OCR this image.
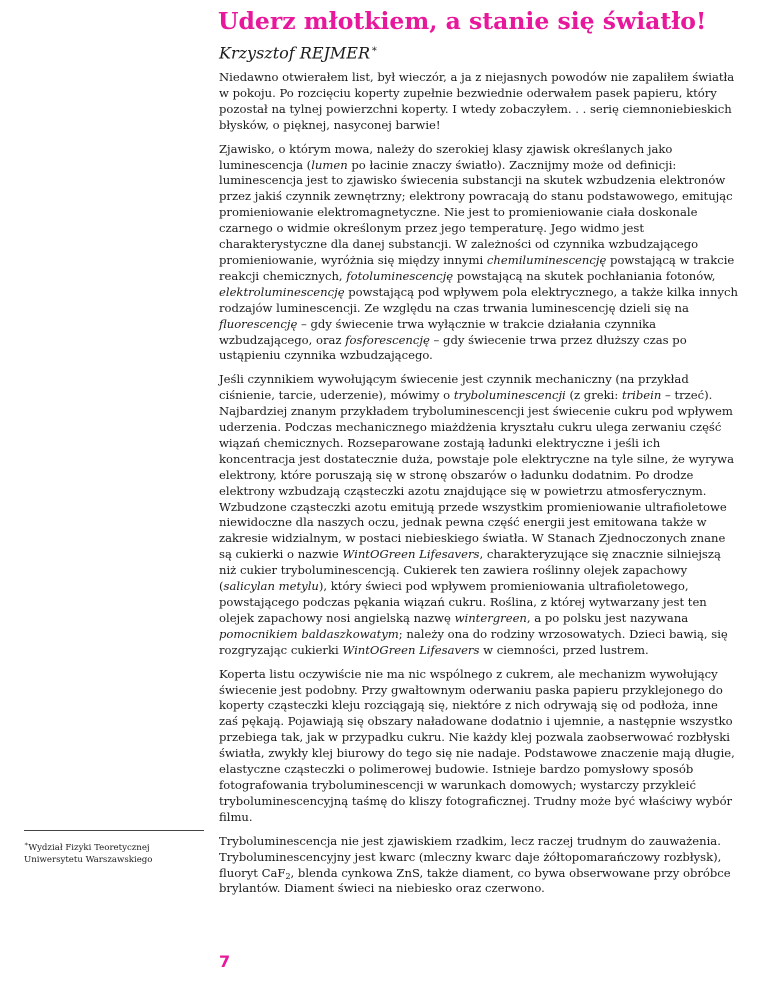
Uderz młotkiem, a stanie się światło!
Krzysztof REJMER∗

Niedawno otwierałem list, był wieczór, a ja z niejasnych powodów nie zapaliłem światła w pokoju. Po rozcięciu koperty zupełnie bezwiednie oderwałem pasek papieru, który pozostał na tylnej powierzchni koperty. I wtedy zobaczyłem. . . serię ciemnoniebieskich błysków, o pięknej, nasyconej barwie!

Zjawisko, o którym mowa, należy do szerokiej klasy zjawisk określanych jako luminescencja (lumen po łacinie znaczy światło). Zacznijmy może od definicji: luminescencja jest to zjawisko świecenia substancji na skutek wzbudzenia elektronów przez jakiś czynnik zewnętrzny; elektrony powracają do stanu podstawowego, emitując promieniowanie elektromagnetyczne. Nie jest to promieniowanie ciała doskonale czarnego o widmie określonym przez jego temperaturę. Jego widmo jest charakterystyczne dla danej substancji. W zależności od czynnika wzbudzającego promieniowanie, wyróżnia się między innymi chemiluminescencję powstającą w trakcie reakcji chemicznych, fotoluminescencję powstającą na skutek pochłaniania fotonów, elektroluminescencję powstającą pod wpływem pola elektrycznego, a także kilka innych rodzajów luminescencji. Ze względu na czas trwania luminescencję dzieli się na fluorescencję – gdy świecenie trwa wyłącznie w trakcie działania czynnika wzbudzającego, oraz fosforescencję – gdy świecenie trwa przez dłuższy czas po ustąpieniu czynnika wzbudzającego.

Jeśli czynnikiem wywołującym świecenie jest czynnik mechaniczny (na przykład ciśnienie, tarcie, uderzenie), mówimy o tryboluminescencji (z greki: tribein – trzeć). Najbardziej znanym przykładem tryboluminescencji jest świecenie cukru pod wpływem uderzenia. Podczas mechanicznego miażdżenia kryształu cukru ulega zerwaniu część wiązań chemicznych. Rozseparowane zostają ładunki elektryczne i jeśli ich koncentracja jest dostatecznie duża, powstaje pole elektryczne na tyle silne, że wyrywa elektrony, które poruszają się w stronę obszarów o ładunku dodatnim. Po drodze elektrony wzbudzają cząsteczki azotu znajdujące się w powietrzu atmosferycznym. Wzbudzone cząsteczki azotu emitują przede wszystkim promieniowanie ultrafioletowe niewidoczne dla naszych oczu, jednak pewna część energii jest emitowana także w zakresie widzialnym, w postaci niebieskiego światła. W Stanach Zjednoczonych znane są cukierki o nazwie WintOGreen Lifesavers, charakteryzujące się znacznie silniejszą niż cukier tryboluminescencją. Cukierek ten zawiera roślinny olejek zapachowy (salicylan metylu), który świeci pod wpływem promieniowania ultrafioletowego, powstającego podczas pękania wiązań cukru. Roślina, z której wytwarzany jest ten olejek zapachowy nosi angielską nazwę wintergreen, a po polsku jest nazywana pomocnikiem baldaszkowatym; należy ona do rodziny wrzosowatych. Dzieci bawią, się rozgryzając cukierki WintOGreen Lifesavers w ciemności, przed lustrem.

Koperta listu oczywiście nie ma nic wspólnego z cukrem, ale mechanizm wywołujący świecenie jest podobny. Przy gwałtownym oderwaniu paska papieru przyklejonego do koperty cząsteczki kleju rozciągają się, niektóre z nich odrywają się od podłoża, inne zaś pękają. Pojawiają się obszary naładowane dodatnio i ujemnie, a następnie wszystko przebiega tak, jak w przypadku cukru. Nie każdy klej pozwala zaobserwować rozbłyski światła, zwykły klej biurowy do tego się nie nadaje. Podstawowe znaczenie mają długie, elastyczne cząsteczki o polimerowej budowie. Istnieje bardzo pomysłowy sposób fotografowania tryboluminescencji w warunkach domowych; wystarczy przykleić tryboluminescencyjną taśmę do kliszy fotograficznej. Trudny może być właściwy wybór filmu.

Tryboluminescencja nie jest zjawiskiem rzadkim, lecz raczej trudnym do zauważenia. Tryboluminescencyjny jest kwarc (mleczny kwarc daje żółtopomarańczowy rozbłysk), fluoryt CaF$_2$, blenda cynkowa ZnS, także diament, co bywa obserwowane przy obróbce brylantów. Diament świeci na niebiesko oraz czerwono.

∗Wydział Fizyki Teoretycznej
Uniwersytetu Warszawskiego
7
